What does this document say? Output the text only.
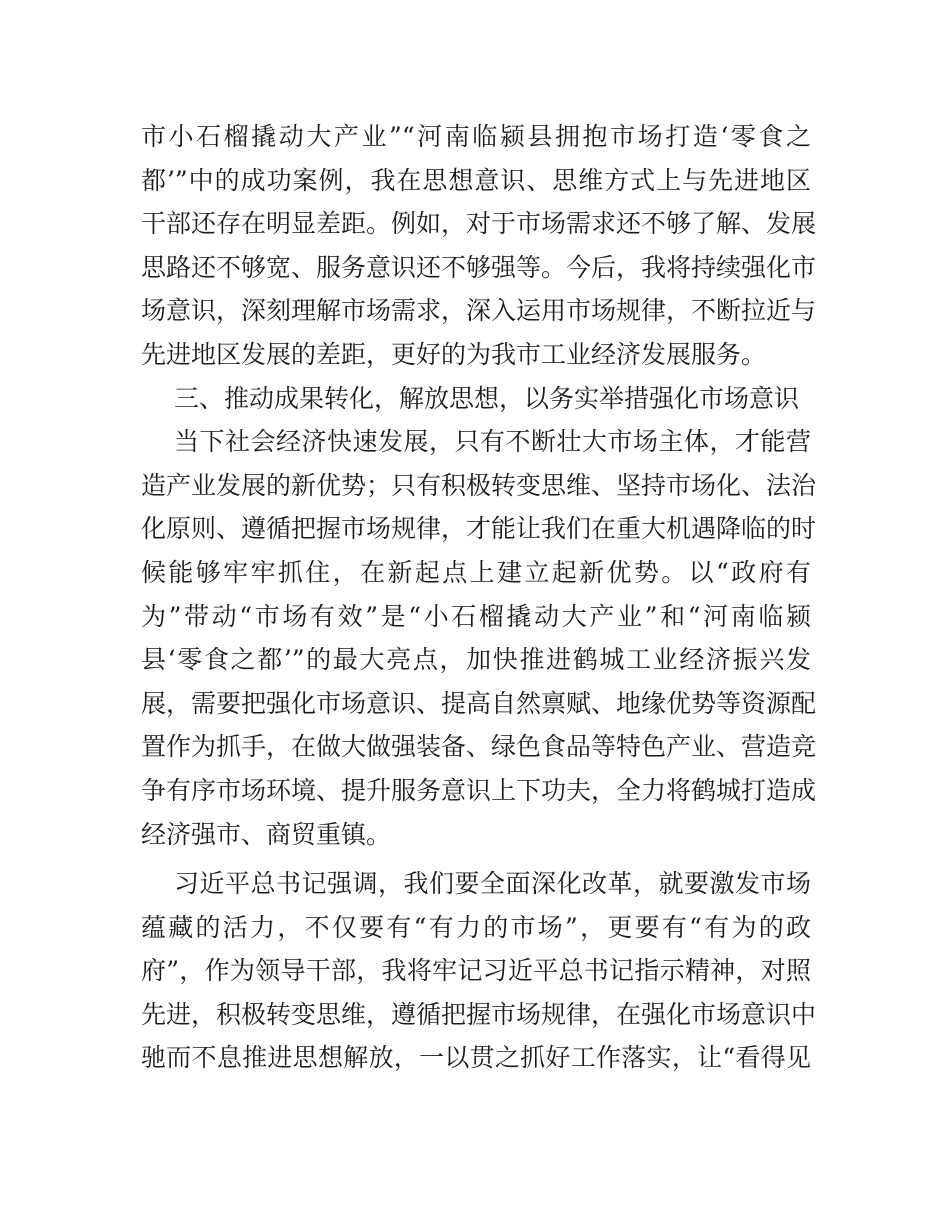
市小石榴撬动大产业”“河南临颍县拥抱市场打造‘零食之
都’”中的成功案例，我在思想意识、思维方式上与先进地区
干部还存在明显差距。例如，对于市场需求还不够了解、发展
思路还不够宽、服务意识还不够强等。今后，我将持续强化市
场意识，深刻理解市场需求，深入运用市场规律，不断拉近与
先进地区发展的差距，更好的为我市工业经济发展服务。
三、推动成果转化，解放思想，以务实举措强化市场意识
当下社会经济快速发展，只有不断壮大市场主体，才能营
造产业发展的新优势；只有积极转变思维、坚持市场化、法治
化原则、遵循把握市场规律，才能让我们在重大机遇降临的时
候能够牢牢抓住，在新起点上建立起新优势。以“政府有
为”带动“市场有效”是“小石榴撬动大产业”和“河南临颍
县‘零食之都’”的最大亮点，加快推进鹤城工业经济振兴发
展，需要把强化市场意识、提高自然禀赋、地缘优势等资源配
置作为抓手，在做大做强装备、绿色食品等特色产业、营造竞
争有序市场环境、提升服务意识上下功夫，全力将鹤城打造成
经济强市、商贸重镇。
习近平总书记强调，我们要全面深化改革，就要激发市场
蕴藏的活力，不仅要有“有力的市场”，更要有“有为的政
府”，作为领导干部，我将牢记习近平总书记指示精神，对照
先进，积极转变思维，遵循把握市场规律，在强化市场意识中
驰而不息推进思想解放，一以贯之抓好工作落实，让“看得见
